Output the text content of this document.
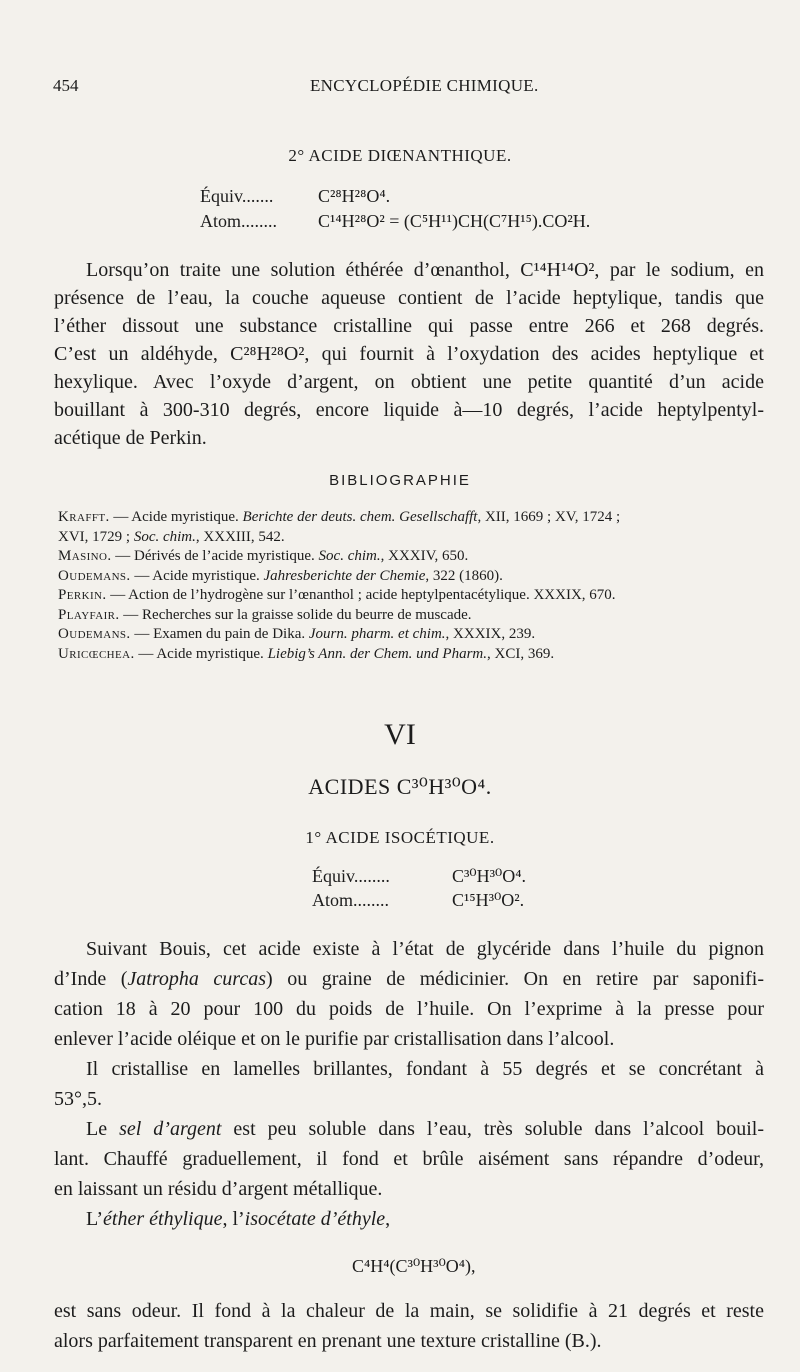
454	ENCYCLOPÉDIE CHIMIQUE.
2° ACIDE DIŒNANTHIQUE.
Équiv....... C²⁸H²⁸O⁴.
Atom........ C¹⁴H²⁸O² = (C⁵H¹¹)CH(C⁷H¹⁵).CO²H.
Lorsqu’on traite une solution éthérée d’œnanthol, C¹⁴H¹⁴O², par le sodium, en
présence de l’eau, la couche aqueuse contient de l’acide heptylique, tandis que
l’éther dissout une substance cristalline qui passe entre 266 et 268 degrés.
C’est un aldéhyde, C²⁸H²⁸O², qui fournit à l’oxydation des acides heptylique et
hexylique. Avec l’oxyde d’argent, on obtient une petite quantité d’un acide
bouillant à 300-310 degrés, encore liquide à—10 degrés, l’acide heptylpentyl-
acétique de Perkin.
BIBLIOGRAPHIE
Krafft. — Acide myristique. Berichte der deuts. chem. Gesellschafft, XII, 1669 ; XV, 1724 ;
XVI, 1729 ; Soc. chim., XXXIII, 542.
Masino. — Dérivés de l’acide myristique. Soc. chim., XXXIV, 650.
Oudemans. — Acide myristique. Jahresberichte der Chemie, 322 (1860).
Perkin. — Action de l’hydrogène sur l’œnanthol ; acide heptylpentacétylique. XXXIX, 670.
Playfair. — Recherches sur la graisse solide du beurre de muscade.
Oudemans. — Examen du pain de Dika. Journ. pharm. et chim., XXXIX, 239.
Uricœchea. — Acide myristique. Liebig’s Ann. der Chem. und Pharm., XCI, 369.
VI
ACIDES C³⁰H³⁰O⁴.
1° ACIDE ISOCÉTIQUE.
Équiv........	C³⁰H³⁰O⁴.
Atom........	C¹⁵H³⁰O².
Suivant Bouis, cet acide existe à l’état de glycéride dans l’huile du pignon
d’Inde (Jatropha curcas) ou graine de médicinier. On en retire par saponifi-
cation 18 à 20 pour 100 du poids de l’huile. On l’exprime à la presse pour
enlever l’acide oléique et on le purifie par cristallisation dans l’alcool.
Il cristallise en lamelles brillantes, fondant à 55 degrés et se concrétant à
53°,5.
Le sel d’argent est peu soluble dans l’eau, très soluble dans l’alcool bouil-
lant. Chauffé graduellement, il fond et brûle aisément sans répandre d’odeur,
en laissant un résidu d’argent métallique.
L’éther éthylique, l’isocétate d’éthyle,
C⁴H⁴(C³⁰H³⁰O⁴),
est sans odeur. Il fond à la chaleur de la main, se solidifie à 21 degrés et reste
alors parfaitement transparent en prenant une texture cristalline (B.).
